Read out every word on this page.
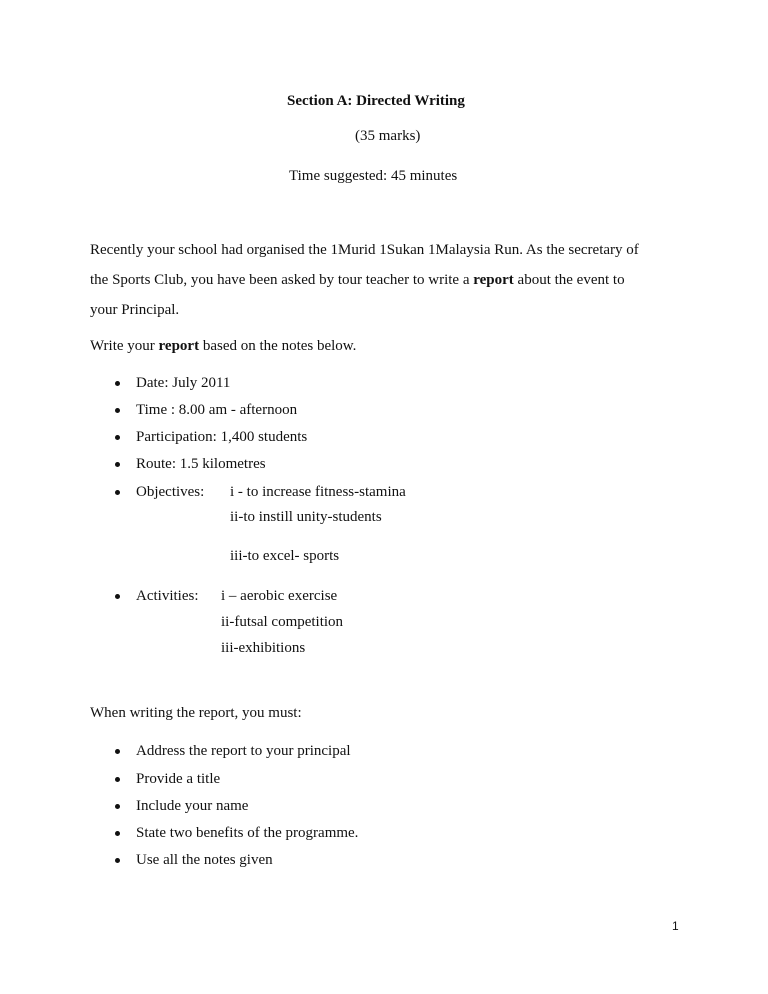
Section A: Directed Writing
(35 marks)
Time suggested: 45 minutes
Recently your school had organised the 1Murid 1Sukan 1Malaysia Run. As the secretary of
the Sports Club, you have been asked by tour teacher to write a report about the event to
your Principal.
Write your report based on the notes below.
Date: July 2011
Time : 8.00 am - afternoon
Participation: 1,400 students
Route: 1.5 kilometres
Objectives: i - to increase fitness-stamina
ii-to instill unity-students
iii-to excel- sports
Activities: i – aerobic exercise
ii-futsal competition
iii-exhibitions
When writing the report, you must:
Address the report to your principal
Provide a title
Include your name
State two benefits of the programme.
Use all the notes given
1
